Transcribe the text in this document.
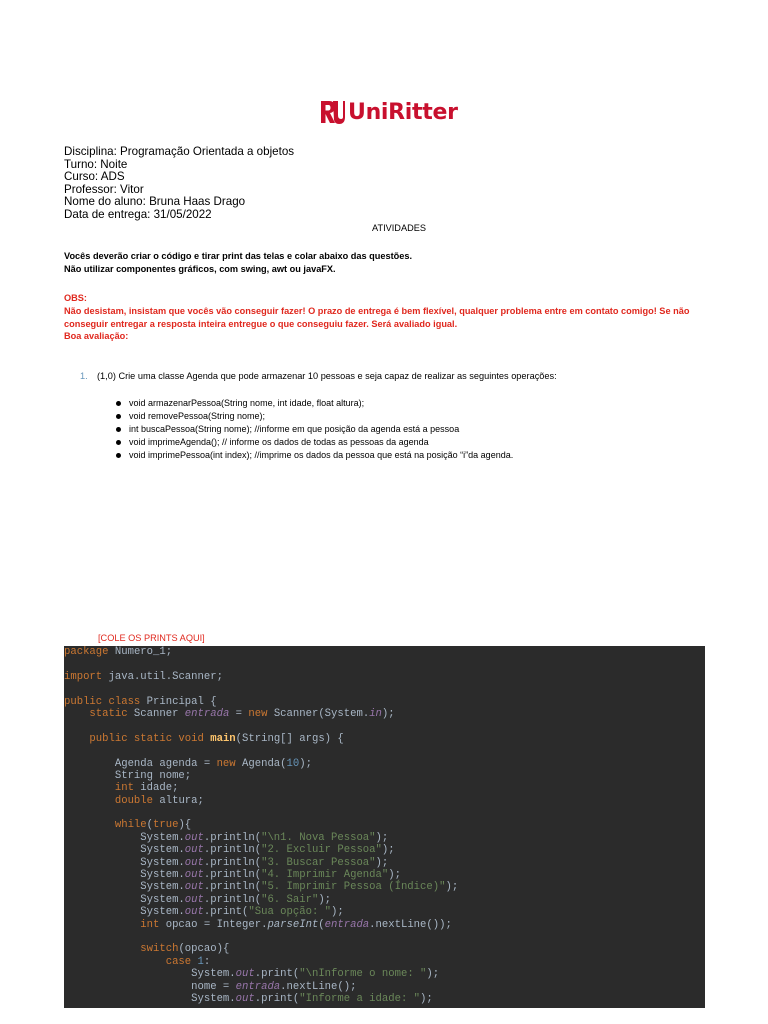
UniRitter
Disciplina: Programação Orientada a objetos
Turno: Noite
Curso: ADS
Professor: Vitor
Nome do aluno: Bruna Haas Drago
Data de entrega: 31/05/2022
ATIVIDADES
Vocês deverão criar o código e tirar print das telas e colar abaixo das questões.
Não utilizar componentes gráficos, com swing, awt ou javaFX.
OBS:
Não desistam, insistam que vocês vão conseguir fazer! O prazo de entrega é bem flexível, qualquer problema entre em contato comigo! Se não conseguir entregar a resposta inteira entregue o que conseguiu fazer. Será avaliado igual.
Boa avaliação:
1. (1,0) Crie uma classe Agenda que pode armazenar 10 pessoas e seja capaz de realizar as seguintes operações:
void armazenarPessoa(String nome, int idade, float altura);
void removePessoa(String nome);
int buscaPessoa(String nome); //informe em que posição da agenda está a pessoa
void imprimeAgenda(); // informe os dados de todas as pessoas da agenda
void imprimePessoa(int index); //imprime os dados da pessoa que está na posição “i”da agenda.
[COLE OS PRINTS AQUI]
package Numero_1;
import java.util.Scanner;
public class Principal {
static Scanner entrada = new Scanner(System.in);
public static void main(String[] args) {
Agenda agenda = new Agenda(10);
String nome;
int idade;
double altura;
while(true){
System.out.println("\n1. Nova Pessoa");
System.out.println("2. Excluir Pessoa");
System.out.println("3. Buscar Pessoa");
System.out.println("4. Imprimir Agenda");
System.out.println("5. Imprimir Pessoa (Índice)");
System.out.println("6. Sair");
System.out.print("Sua opção: ");
int opcao = Integer.parseInt(entrada.nextLine());
switch(opcao){
case 1:
System.out.print("\nInforme o nome: ");
nome = entrada.nextLine();
System.out.print("Informe a idade: ");
